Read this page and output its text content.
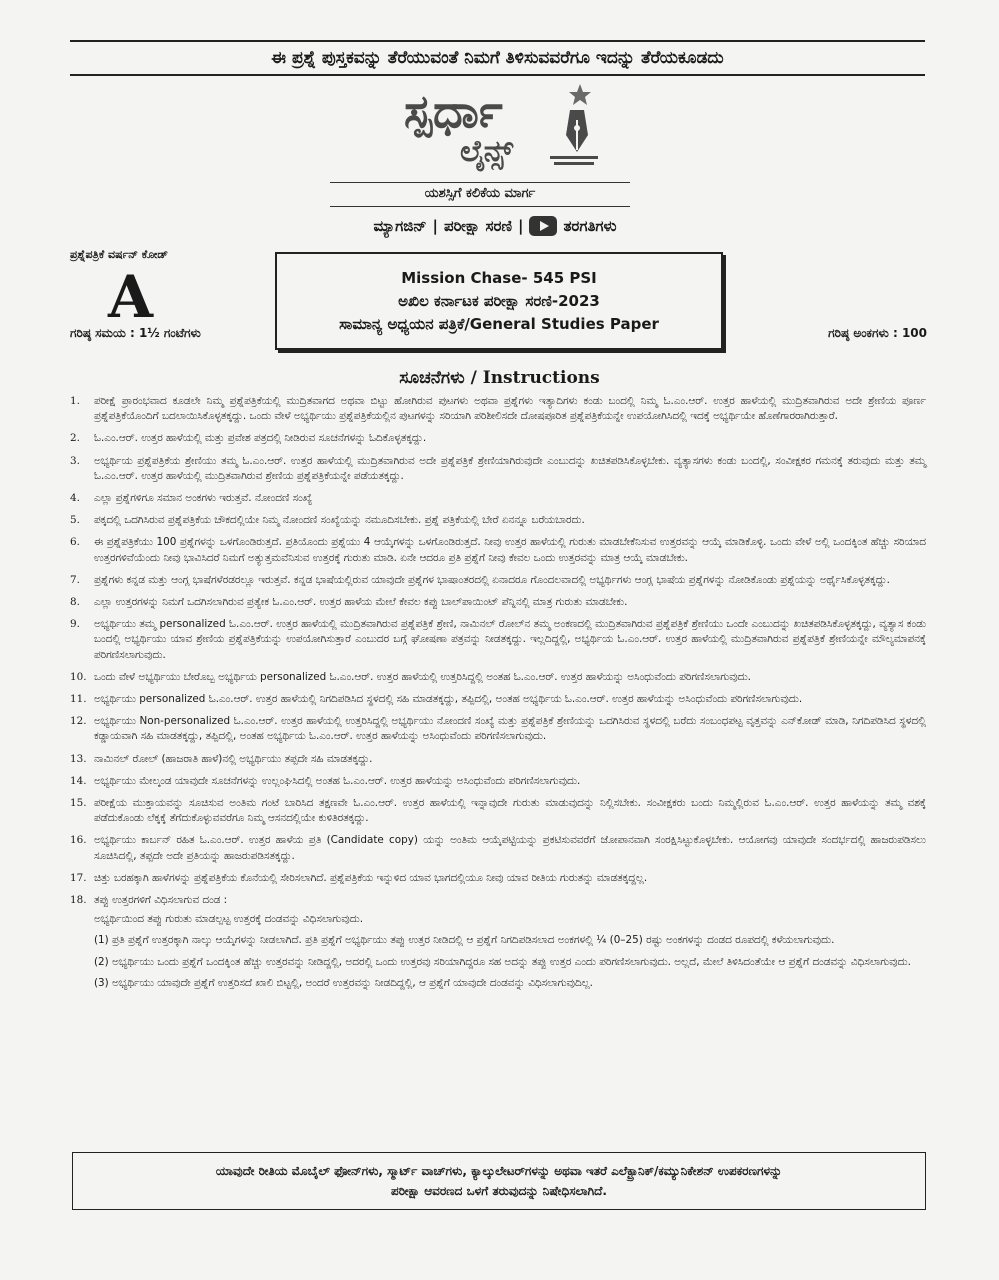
ಈ ಪ್ರಶ್ನೆ ಪುಸ್ತಕವನ್ನು ತೆರೆಯುವಂತೆ ನಿಮಗೆ ತಿಳಿಸುವವರೆಗೂ ಇದನ್ನು ತೆರೆಯಕೂಡದು
ಸ್ಪರ್ಧಾ
ಲೈನ್ಸ್
ಯಶಸ್ಸಿಗೆ ಕಲಿಕೆಯ ಮಾರ್ಗ
ಮ್ಯಾಗಜಿನ್ | ಪರೀಕ್ಷಾ ಸರಣಿ |	ತರಗತಿಗಳು
ಪ್ರಶ್ನೆಪತ್ರಿಕೆ ವರ್ಷನ್ ಕೋಡ್
A
ಗರಿಷ್ಠ ಸಮಯ : 1½ ಗಂಟೆಗಳು	ಗರಿಷ್ಠ ಅಂಕಗಳು : 100
Mission Chase- 545 PSI
ಅಖಿಲ ಕರ್ನಾಟಕ ಪರೀಕ್ಷಾ ಸರಣಿ-2023
ಸಾಮಾನ್ಯ ಅಧ್ಯಯನ ಪತ್ರಿಕೆ/General Studies Paper
ಸೂಚನೆಗಳು / Instructions
1.	ಪರೀಕ್ಷೆ ಪ್ರಾರಂಭವಾದ ಕೂಡಲೇ ನಿಮ್ಮ ಪ್ರಶ್ನೆಪತ್ರಿಕೆಯಲ್ಲಿ ಮುದ್ರಿತವಾಗದ ಅಥವಾ ಬಿಟ್ಟು ಹೋಗಿರುವ ಪುಟಗಳು ಅಥವಾ ಪ್ರಶ್ನೆಗಳು ಇತ್ಯಾದಿಗಳು ಕಂಡು ಬಂದಲ್ಲಿ ನಿಮ್ಮ ಓ.ಎಂ.ಆರ್. ಉತ್ತರ ಹಾಳೆಯಲ್ಲಿ ಮುದ್ರಿತವಾಗಿರುವ ಅದೇ ಶ್ರೇಣಿಯ ಪೂರ್ಣ ಪ್ರಶ್ನೆಪತ್ರಿಕೆಯೊಂದಿಗೆ ಬದಲಾಯಿಸಿಕೊಳ್ಳತಕ್ಕದ್ದು. ಒಂದು ವೇಳೆ ಅಭ್ಯರ್ಥಿಯು ಪ್ರಶ್ನೆಪತ್ರಿಕೆಯಲ್ಲಿನ ಪುಟಗಳನ್ನು ಸರಿಯಾಗಿ ಪರಿಶೀಲಿಸದೇ ದೋಷಪೂರಿತ ಪ್ರಶ್ನೆಪತ್ರಿಕೆಯನ್ನೇ ಉಪಯೋಗಿಸಿದಲ್ಲಿ ಇದಕ್ಕೆ ಅಭ್ಯರ್ಥಿಯೇ ಹೊಣೆಗಾರರಾಗಿರುತ್ತಾರೆ.
2.	ಓ.ಎಂ.ಆರ್. ಉತ್ತರ ಹಾಳೆಯಲ್ಲಿ ಮತ್ತು ಪ್ರವೇಶ ಪತ್ರದಲ್ಲಿ ನೀಡಿರುವ ಸೂಚನೆಗಳನ್ನು ಓದಿಕೊಳ್ಳತಕ್ಕದ್ದು.
3.	ಅಭ್ಯರ್ಥಿಯ ಪ್ರಶ್ನೆಪತ್ರಿಕೆಯ ಶ್ರೇಣಿಯು ತಮ್ಮ ಓ.ಎಂ.ಆರ್. ಉತ್ತರ ಹಾಳೆಯಲ್ಲಿ ಮುದ್ರಿತವಾಗಿರುವ ಅದೇ ಪ್ರಶ್ನೆಪತ್ರಿಕೆ ಶ್ರೇಣಿಯಾಗಿರುವುದೇ ಎಂಬುದನ್ನು ಖಚಿತಪಡಿಸಿಕೊಳ್ಳಬೇಕು. ವ್ಯತ್ಯಾಸಗಳು ಕಂಡು ಬಂದಲ್ಲಿ, ಸಂವೀಕ್ಷಕರ ಗಮನಕ್ಕೆ ತರುವುದು ಮತ್ತು ತಮ್ಮ ಓ.ಎಂ.ಆರ್. ಉತ್ತರ ಹಾಳೆಯಲ್ಲಿ ಮುದ್ರಿತವಾಗಿರುವ ಶ್ರೇಣಿಯ ಪ್ರಶ್ನೆಪತ್ರಿಕೆಯನ್ನೇ ಪಡೆಯತಕ್ಕದ್ದು.
4.	ಎಲ್ಲಾ ಪ್ರಶ್ನೆಗಳಿಗೂ ಸಮಾನ ಅಂಕಗಳು ಇರುತ್ತವೆ. ನೋಂದಣಿ ಸಂಖ್ಯೆ
5.	ಪಕ್ಕದಲ್ಲಿ ಒದಗಿಸಿರುವ ಪ್ರಶ್ನೆಪತ್ರಿಕೆಯ ಚೌಕದಲ್ಲಿಯೇ ನಿಮ್ಮ ನೋಂದಣಿ ಸಂಖ್ಯೆಯನ್ನು ನಮೂದಿಸಬೇಕು. ಪ್ರಶ್ನೆ ಪತ್ರಿಕೆಯಲ್ಲಿ ಬೇರೆ ಏನನ್ನೂ ಬರೆಯಬಾರದು.
6.	ಈ ಪ್ರಶ್ನೆಪತ್ರಿಕೆಯು 100 ಪ್ರಶ್ನೆಗಳನ್ನು ಒಳಗೊಂಡಿರುತ್ತದೆ. ಪ್ರತಿಯೊಂದು ಪ್ರಶ್ನೆಯು 4 ಆಯ್ಕೆಗಳನ್ನು ಒಳಗೊಂಡಿರುತ್ತದೆ. ನೀವು ಉತ್ತರ ಹಾಳೆಯಲ್ಲಿ ಗುರುತು ಮಾಡಬೇಕೆನಿಸುವ ಉತ್ತರವನ್ನು ಆಯ್ಕೆ ಮಾಡಿಕೊಳ್ಳಿ. ಒಂದು ವೇಳೆ ಅಲ್ಲಿ ಒಂದಕ್ಕಿಂತ ಹೆಚ್ಚು ಸರಿಯಾದ ಉತ್ತರಗಳಿವೆಯೆಂದು ನೀವು ಭಾವಿಸಿದರೆ ನಿಮಗೆ ಅತ್ಯುತ್ತಮವೆನಿಸುವ ಉತ್ತರಕ್ಕೆ ಗುರುತು ಮಾಡಿ. ಏನೇ ಆದರೂ ಪ್ರತಿ ಪ್ರಶ್ನೆಗೆ ನೀವು ಕೇವಲ ಒಂದು ಉತ್ತರವನ್ನು ಮಾತ್ರ ಆಯ್ಕೆ ಮಾಡಬೇಕು.
7.	ಪ್ರಶ್ನೆಗಳು ಕನ್ನಡ ಮತ್ತು ಆಂಗ್ಲ ಭಾಷೆಗಳೆರಡರಲ್ಲೂ ಇರುತ್ತವೆ. ಕನ್ನಡ ಭಾಷೆಯಲ್ಲಿರುವ ಯಾವುದೇ ಪ್ರಶ್ನೆಗಳ ಭಾಷಾಂತರದಲ್ಲಿ ಏನಾದರೂ ಗೊಂದಲವಾದಲ್ಲಿ ಅಭ್ಯರ್ಥಿಗಳು ಆಂಗ್ಲ ಭಾಷೆಯ ಪ್ರಶ್ನೆಗಳನ್ನು ನೋಡಿಕೊಂಡು ಪ್ರಶ್ನೆಯನ್ನು ಅರ್ಥೈಸಿಕೊಳ್ಳತಕ್ಕದ್ದು.
8.	ಎಲ್ಲಾ ಉತ್ತರಗಳನ್ನು ನಿಮಗೆ ಒದಗಿಸಲಾಗಿರುವ ಪ್ರತ್ಯೇಕ ಓ.ಎಂ.ಆರ್. ಉತ್ತರ ಹಾಳೆಯ ಮೇಲೆ ಕೇವಲ ಕಪ್ಪು ಬಾಲ್‌ಪಾಯಿಂಟ್ ಪೆನ್ನಿನಲ್ಲಿ ಮಾತ್ರ ಗುರುತು ಮಾಡಬೇಕು.
9.	ಅಭ್ಯರ್ಥಿಯು ತಮ್ಮ personalized ಓ.ಎಂ.ಆರ್. ಉತ್ತರ ಹಾಳೆಯಲ್ಲಿ ಮುದ್ರಿತವಾಗಿರುವ ಪ್ರಶ್ನೆಪತ್ರಿಕೆ ಶ್ರೇಣಿ, ನಾಮಿನಲ್ ರೋಲ್‌ನ ತಮ್ಮ ಅಂಕಣದಲ್ಲಿ ಮುದ್ರಿತವಾಗಿರುವ ಪ್ರಶ್ನೆಪತ್ರಿಕೆ ಶ್ರೇಣಿಯು ಒಂದೇ ಎಂಬುದನ್ನು ಖಚಿತಪಡಿಸಿಕೊಳ್ಳತಕ್ಕದ್ದು, ವ್ಯತ್ಯಾಸ ಕಂಡು ಬಂದಲ್ಲಿ ಅಭ್ಯರ್ಥಿಯು ಯಾವ ಶ್ರೇಣಿಯ ಪ್ರಶ್ನೆಪತ್ರಿಕೆಯನ್ನು ಉಪಯೋಗಿಸುತ್ತಾರೆ ಎಂಬುದರ ಬಗ್ಗೆ ಘೋಷಣಾ ಪತ್ರವನ್ನು ನೀಡತಕ್ಕದ್ದು. ಇಲ್ಲದಿದ್ದಲ್ಲಿ, ಅಭ್ಯರ್ಥಿಯ ಓ.ಎಂ.ಆರ್. ಉತ್ತರ ಹಾಳೆಯಲ್ಲಿ ಮುದ್ರಿತವಾಗಿರುವ ಪ್ರಶ್ನೆಪತ್ರಿಕೆ ಶ್ರೇಣಿಯನ್ನೇ ಮೌಲ್ಯಮಾಪನಕ್ಕೆ ಪರಿಗಣಿಸಲಾಗುವುದು.
10. ಒಂದು ವೇಳೆ ಅಭ್ಯರ್ಥಿಯು ಬೇರೊಬ್ಬ ಅಭ್ಯರ್ಥಿಯ personalized ಓ.ಎಂ.ಆರ್. ಉತ್ತರ ಹಾಳೆಯಲ್ಲಿ ಉತ್ತರಿಸಿದ್ದಲ್ಲಿ ಅಂತಹ ಓ.ಎಂ.ಆರ್. ಉತ್ತರ ಹಾಳೆಯನ್ನು ಅಸಿಂಧುವೆಂದು ಪರಿಗಣಿಸಲಾಗುವುದು.
11. ಅಭ್ಯರ್ಥಿಯು personalized ಓ.ಎಂ.ಆರ್. ಉತ್ತರ ಹಾಳೆಯಲ್ಲಿ ನಿಗದಿಪಡಿಸಿದ ಸ್ಥಳದಲ್ಲಿ ಸಹಿ ಮಾಡತಕ್ಕದ್ದು, ತಪ್ಪಿದಲ್ಲಿ, ಅಂತಹ ಅಭ್ಯರ್ಥಿಯ ಓ.ಎಂ.ಆರ್. ಉತ್ತರ ಹಾಳೆಯನ್ನು ಅಸಿಂಧುವೆಂದು ಪರಿಗಣಿಸಲಾಗುವುದು.
12. ಅಭ್ಯರ್ಥಿಯು Non-personalized ಓ.ಎಂ.ಆರ್. ಉತ್ತರ ಹಾಳೆಯಲ್ಲಿ ಉತ್ತರಿಸಿದ್ದಲ್ಲಿ ಅಭ್ಯರ್ಥಿಯು ನೋಂದಣಿ ಸಂಖ್ಯೆ ಮತ್ತು ಪ್ರಶ್ನೆಪತ್ರಿಕೆ ಶ್ರೇಣಿಯನ್ನು ಒದಗಿಸಿರುವ ಸ್ಥಳದಲ್ಲಿ ಬರೆದು ಸಂಬಂಧಪಟ್ಟ ವೃತ್ತವನ್ನು ಎನ್‌ಕೋಡ್ ಮಾಡಿ, ನಿಗದಿಪಡಿಸಿದ ಸ್ಥಳದಲ್ಲಿ ಕಡ್ಡಾಯವಾಗಿ ಸಹಿ ಮಾಡತಕ್ಕದ್ದು, ತಪ್ಪಿದಲ್ಲಿ, ಅಂತಹ ಅಭ್ಯರ್ಥಿಯ ಓ.ಎಂ.ಆರ್. ಉತ್ತರ ಹಾಳೆಯನ್ನು ಅಸಿಂಧುವೆಂದು ಪರಿಗಣಿಸಲಾಗುವುದು.
13. ನಾಮಿನಲ್ ರೋಲ್ (ಹಾಜರಾತಿ ಹಾಳೆ)ನಲ್ಲಿ ಅಭ್ಯರ್ಥಿಯು ತಪ್ಪದೇ ಸಹಿ ಮಾಡತಕ್ಕದ್ದು.
14. ಅಭ್ಯರ್ಥಿಯು ಮೇಲ್ಕಂಡ ಯಾವುದೇ ಸೂಚನೆಗಳನ್ನು ಉಲ್ಲಂಘಿಸಿದಲ್ಲಿ ಅಂತಹ ಓ.ಎಂ.ಆರ್. ಉತ್ತರ ಹಾಳೆಯನ್ನು ಅಸಿಂಧುವೆಂದು ಪರಿಗಣಿಸಲಾಗುವುದು.
15. ಪರೀಕ್ಷೆಯ ಮುಕ್ತಾಯವನ್ನು ಸೂಚಿಸುವ ಅಂತಿಮ ಗಂಟೆ ಬಾರಿಸಿದ ತಕ್ಷಣವೇ ಓ.ಎಂ.ಆರ್. ಉತ್ತರ ಹಾಳೆಯಲ್ಲಿ ಇನ್ನಾವುದೇ ಗುರುತು ಮಾಡುವುದನ್ನು ನಿಲ್ಲಿಸಬೇಕು. ಸಂವೀಕ್ಷಕರು ಬಂದು ನಿಮ್ಮಲ್ಲಿರುವ ಓ.ಎಂ.ಆರ್. ಉತ್ತರ ಹಾಳೆಯನ್ನು ತಮ್ಮ ವಶಕ್ಕೆ ಪಡೆದುಕೊಂಡು ಲೆಕ್ಕಕ್ಕೆ ತೆಗೆದುಕೊಳ್ಳುವವರೆಗೂ ನಿಮ್ಮ ಆಸನದಲ್ಲಿಯೇ ಕುಳಿತಿರತಕ್ಕದ್ದು.
16. ಅಭ್ಯರ್ಥಿಯು ಕಾರ್ಬನ್ ರಹಿತ ಓ.ಎಂ.ಆರ್. ಉತ್ತರ ಹಾಳೆಯ ಪ್ರತಿ (Candidate copy) ಯನ್ನು ಅಂತಿಮ ಆಯ್ಕೆಪಟ್ಟಿಯನ್ನು ಪ್ರಕಟಿಸುವವರೆಗೆ ಜೋಪಾನವಾಗಿ ಸಂರಕ್ಷಿಸಿಟ್ಟುಕೊಳ್ಳಬೇಕು. ಆಯೋಗವು ಯಾವುದೇ ಸಂದರ್ಭದಲ್ಲಿ ಹಾಜರುಪಡಿಸಲು ಸೂಚಿಸಿದಲ್ಲಿ, ತಪ್ಪದೇ ಅದೇ ಪ್ರತಿಯನ್ನು ಹಾಜರುಪಡಿಸತಕ್ಕದ್ದು.
17. ಚಿತ್ತು ಬರಹಕ್ಕಾಗಿ ಹಾಳೆಗಳನ್ನು ಪ್ರಶ್ನೆಪತ್ರಿಕೆಯ ಕೊನೆಯಲ್ಲಿ ಸೇರಿಸಲಾಗಿದೆ. ಪ್ರಶ್ನೆಪತ್ರಿಕೆಯ ಇನ್ನುಳಿದ ಯಾವ ಭಾಗದಲ್ಲಿಯೂ ನೀವು ಯಾವ ರೀತಿಯ ಗುರುತನ್ನು ಮಾಡತಕ್ಕದ್ದಲ್ಲ.
18. ತಪ್ಪು ಉತ್ತರಗಳಿಗೆ ವಿಧಿಸಲಾಗುವ ದಂಡ :

ಅಭ್ಯರ್ಥಿಯಿಂದ ತಪ್ಪು ಗುರುತು ಮಾಡಲ್ಪಟ್ಟ ಉತ್ತರಕ್ಕೆ ದಂಡವನ್ನು ವಿಧಿಸಲಾಗುವುದು.

(1) ಪ್ರತಿ ಪ್ರಶ್ನೆಗೆ ಉತ್ತರಕ್ಕಾಗಿ ನಾಲ್ಕು ಆಯ್ಕೆಗಳನ್ನು ನೀಡಲಾಗಿದೆ. ಪ್ರತಿ ಪ್ರಶ್ನೆಗೆ ಅಭ್ಯರ್ಥಿಯು ತಪ್ಪು ಉತ್ತರ ನೀಡಿದಲ್ಲಿ ಆ ಪ್ರಶ್ನೆಗೆ ನಿಗದಿಪಡಿಸಲಾದ ಅಂಕಗಳಲ್ಲಿ ¼ (0–25) ರಷ್ಟು ಅಂಕಗಳನ್ನು ದಂಡದ ರೂಪದಲ್ಲಿ ಕಳೆಯಲಾಗುವುದು.

(2) ಅಭ್ಯರ್ಥಿಯು ಒಂದು ಪ್ರಶ್ನೆಗೆ ಒಂದಕ್ಕಿಂತ ಹೆಚ್ಚು ಉತ್ತರವನ್ನು ನೀಡಿದ್ದಲ್ಲಿ, ಅದರಲ್ಲಿ ಒಂದು ಉತ್ತರವು ಸರಿಯಾಗಿದ್ದರೂ ಸಹ ಅದನ್ನು ತಪ್ಪು ಉತ್ತರ ಎಂದು ಪರಿಗಣಿಸಲಾಗುವುದು. ಅಲ್ಲದೆ, ಮೇಲೆ ತಿಳಿಸಿದಂತೆಯೇ ಆ ಪ್ರಶ್ನೆಗೆ ದಂಡವನ್ನು ವಿಧಿಸಲಾಗುವುದು.

(3) ಅಭ್ಯರ್ಥಿಯು ಯಾವುದೇ ಪ್ರಶ್ನೆಗೆ ಉತ್ತರಿಸದೆ ಖಾಲಿ ಬಿಟ್ಟಲ್ಲಿ, ಅಂದರೆ ಉತ್ತರವನ್ನು ನೀಡದಿದ್ದಲ್ಲಿ, ಆ ಪ್ರಶ್ನೆಗೆ ಯಾವುದೇ ದಂಡವನ್ನು ವಿಧಿಸಲಾಗುವುದಿಲ್ಲ.

ಯಾವುದೇ ರೀತಿಯ ಮೊಬೈಲ್ ಫೋನ್‌ಗಳು, ಸ್ಮಾರ್ಟ್ ವಾಚ್‌ಗಳು, ಕ್ಯಾಲ್ಕುಲೇಟರ್‌ಗಳನ್ನು ಅಥವಾ ಇತರೆ ಎಲೆಕ್ಟ್ರಾನಿಕ್/ಕಮ್ಯುನಿಕೇಶನ್ ಉಪಕರಣಗಳನ್ನು
ಪರೀಕ್ಷಾ ಆವರಣದ ಒಳಗೆ ತರುವುದನ್ನು ನಿಷೇಧಿಸಲಾಗಿದೆ.
